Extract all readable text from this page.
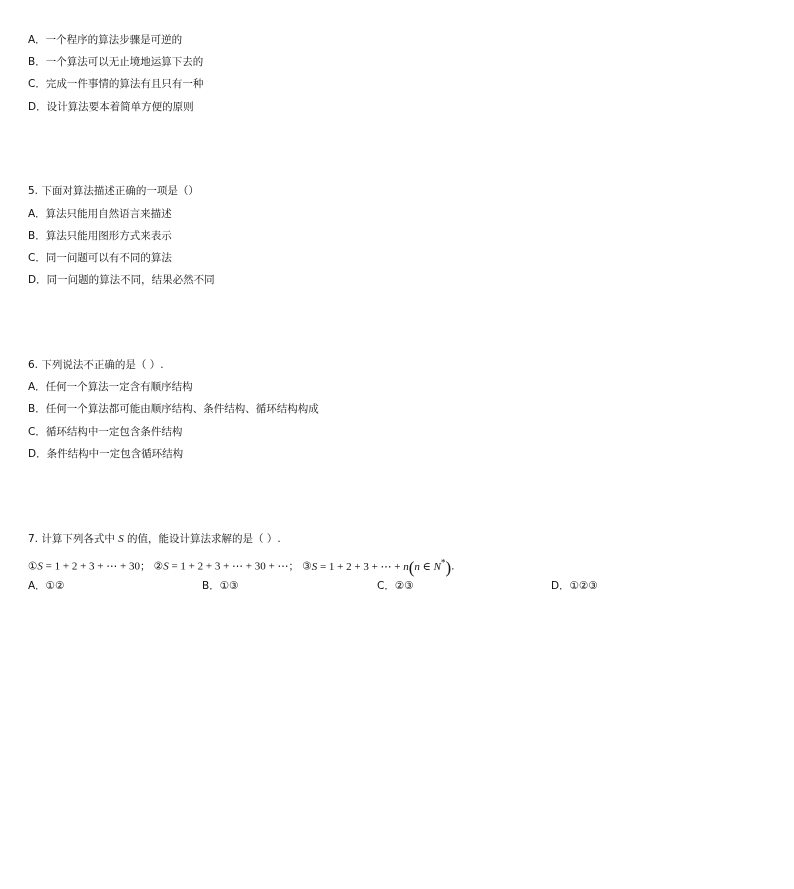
A．一个程序的算法步骤是可逆的
B．一个算法可以无止境地运算下去的
C．完成一件事情的算法有且只有一种
D．设计算法要本着简单方便的原则
5. 下面对算法描述正确的一项是（）
A．算法只能用自然语言来描述
B．算法只能用图形方式来表示
C．同一问题可以有不同的算法
D．同一问题的算法不同，结果必然不同
6. 下列说法不正确的是（ ）.
A．任何一个算法一定含有顺序结构
B．任何一个算法都可能由顺序结构、条件结构、循环结构构成
C．循环结构中一定包含条件结构
D．条件结构中一定包含循环结构
7. 计算下列各式中 S 的值，能设计算法求解的是（ ）.
①S = 1 + 2 + 3 + ⋯ + 30； ②S = 1 + 2 + 3 + ⋯ + 30 + ⋯； ③S = 1 + 2 + 3 + ⋯ + n(n ∈ N*).
A．①②	B．①③	C．②③	D．①②③
